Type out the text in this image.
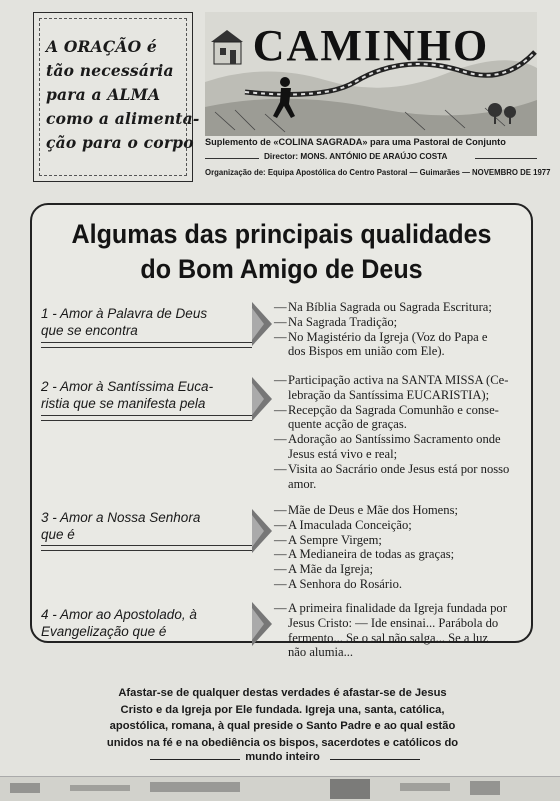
A ORAÇÃO é
tão necessária
para a ALMA
como a alimenta-
ção para o corpo
CAMINHO
Suplemento de «COLINA SAGRADA» para uma Pastoral de Conjunto
Director: MONS. ANTÓNIO DE ARAÚJO COSTA
Organização de: Equipa Apostólica do Centro Pastoral — Guimarães — NOVEMBRO DE 1977
Algumas das principais qualidades
do Bom Amigo de Deus
1 - Amor à Palavra de Deus
que se encontra
— Na Bíblia Sagrada ou Sagrada Escritura;
— Na Sagrada Tradição;
— No Magistério da Igreja (Voz do Papa e
dos Bispos em união com Ele).
2 - Amor à Santíssima Euca-
ristia que se manifesta pela
— Participação activa na SANTA MISSA (Ce-
lebração da Santíssima EUCARISTIA);
— Recepção da Sagrada Comunhão e conse-
quente acção de graças.
— Adoração ao Santíssimo Sacramento onde
Jesus está vivo e real;
— Visita ao Sacrário onde Jesus está por nosso
amor.
3 - Amor a Nossa Senhora
que é
— Mãe de Deus e Mãe dos Homens;
— A Imaculada Conceição;
— A Sempre Virgem;
— A Medianeira de todas as graças;
— A Mãe da Igreja;
— A Senhora do Rosário.
4 - Amor ao Apostolado, à
Evangelização que é
— A primeira finalidade da Igreja fundada por
Jesus Cristo: — Ide ensinai... Parábola do
fermento... Se o sal não salga... Se a luz
não alumia...
Afastar-se de qualquer destas verdades é afastar-se de Jesus
Cristo e da Igreja por Ele fundada. Igreja una, santa, católica,
apostólica, romana, à qual preside o Santo Padre e ao qual estão
unidos na fé e na obediência os bispos, sacerdotes e católicos do
mundo inteiro
